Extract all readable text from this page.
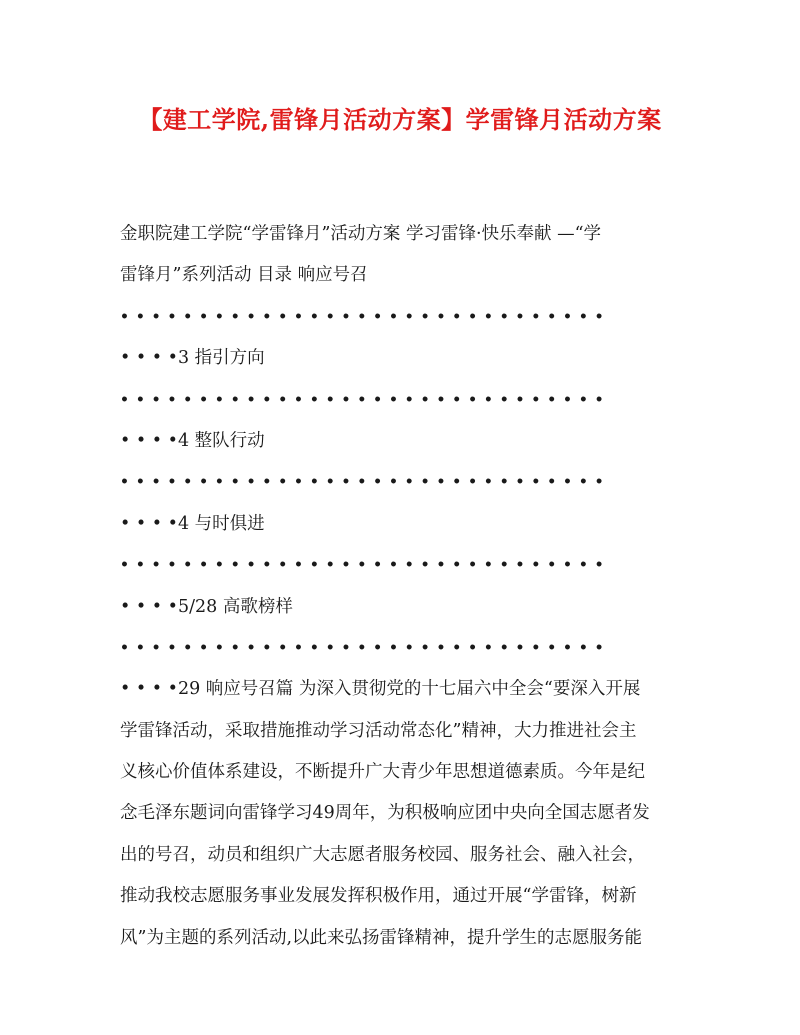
【建工学院,雷锋月活动方案】学雷锋月活动方案
金职院建工学院“学雷锋月”活动方案 学习雷锋·快乐奉献 —“学
雷锋月”系列活动 目录 响应号召
• • • • • • • • • • • • • • • • • • • • • • • • • • • • • • •
• • • •3 指引方向
• • • • • • • • • • • • • • • • • • • • • • • • • • • • • • •
• • • •4 整队行动
• • • • • • • • • • • • • • • • • • • • • • • • • • • • • • •
• • • •4 与时俱进
• • • • • • • • • • • • • • • • • • • • • • • • • • • • • • •
• • • •5/28 高歌榜样
• • • • • • • • • • • • • • • • • • • • • • • • • • • • • • •
• • • •29 响应号召篇 为深入贯彻党的十七届六中全会“要深入开展
学雷锋活动，采取措施推动学习活动常态化”精神，大力推进社会主
义核心价值体系建设，不断提升广大青少年思想道德素质。今年是纪
念毛泽东题词向雷锋学习49周年，为积极响应团中央向全国志愿者发
出的号召，动员和组织广大志愿者服务校园、服务社会、融入社会，
推动我校志愿服务事业发展发挥积极作用，通过开展“学雷锋，树新
风”为主题的系列活动,以此来弘扬雷锋精神，提升学生的志愿服务能
